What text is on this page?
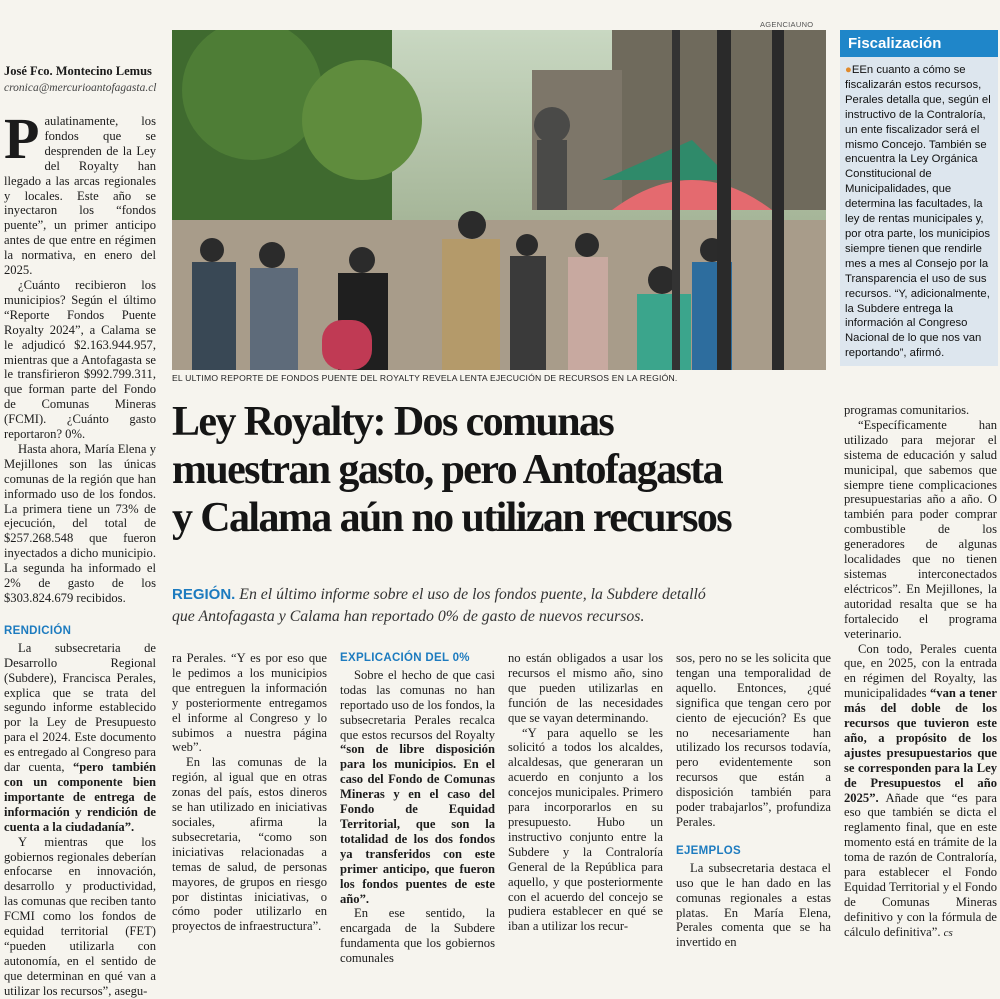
José Fco. Montecino Lemus
cronica@mercurioantofagasta.cl

Paulatinamente, los fondos que se desprenden de la Ley del Royalty han llegado a las arcas regionales y locales. Este año se inyectaron los “fondos puente”, un primer anticipo antes de que entre en régimen la normativa, en enero del 2025.

¿Cuánto recibieron los municipios? Según el último “Reporte Fondos Puente Royalty 2024”, a Calama se le adjudicó $2.163.944.957, mientras que a Antofagasta se le transfirieron $992.799.311, que forman parte del Fondo de Comunas Mineras (FCMI). ¿Cuánto gasto reportaron? 0%.

Hasta ahora, María Elena y Mejillones son las únicas comunas de la región que han informado uso de los fondos. La primera tiene un 73% de ejecución, del total de $257.268.548 que fueron inyectados a dicho municipio. La segunda ha informado el 2% de gasto de los $303.824.679 recibidos.

RENDICIÓN

La subsecretaria de Desarrollo Regional (Subdere), Francisca Perales, explica que se trata del segundo informe establecido por la Ley de Presupuesto para el 2024. Este documento es entregado al Congreso para dar cuenta, “pero también con un componente bien importante de entrega de información y rendición de cuenta a la ciudadanía”.

Y mientras que los gobiernos regionales deberían enfocarse en innovación, desarrollo y productividad, las comunas que reciben tanto FCMI como los fondos de equidad territorial (FET) “pueden utilizarla con autonomía, en el sentido de que determinan en qué van a utilizar los recursos”, asegu-

AGENCIAUNO
EL ULTIMO REPORTE DE FONDOS PUENTE DEL ROYALTY REVELA LENTA EJECUCIÓN DE RECURSOS EN LA REGIÓN.
Fiscalización
●EEn cuanto a cómo se fiscalizarán estos recursos, Perales detalla que, según el instructivo de la Contraloría, un ente fiscalizador será el mismo Concejo. También se encuentra la Ley Orgánica Constitucional de Municipalidades, que determina las facultades, la ley de rentas municipales y, por otra parte, los municipios siempre tienen que rendirle mes a mes al Consejo por la Transparencia el uso de sus recursos. “Y, adicionalmente, la Subdere entrega la información al Congreso Nacional de lo que nos van reportando”, afirmó.
Ley Royalty: Dos comunas
muestran gasto, pero Antofagasta
y Calama aún no utilizan recursos
REGIÓN. En el último informe sobre el uso de los fondos puente, la Subdere detalló
que Antofagasta y Calama han reportado 0% de gasto de nuevos recursos.

ra Perales. “Y es por eso que le pedimos a los municipios que entreguen la información y posteriormente entregamos el informe al Congreso y lo subimos a nuestra página web”.

En las comunas de la región, al igual que en otras zonas del país, estos dineros se han utilizado en iniciativas sociales, afirma la subsecretaria, “como son iniciativas relacionadas a temas de salud, de personas mayores, de grupos en riesgo por distintas iniciativas, o cómo poder utilizarlo en proyectos de infraestructura”.

EXPLICACIÓN DEL 0%

Sobre el hecho de que casi todas las comunas no han reportado uso de los fondos, la subsecretaria Perales recalca que estos recursos del Royalty “son de libre disposición para los municipios. En el caso del Fondo de Comunas Mineras y en el caso del Fondo de Equidad Territorial, que son la totalidad de los dos fondos ya transferidos con este primer anticipo, que fueron los fondos puentes de este año”.

En ese sentido, la encargada de la Subdere fundamenta que los gobiernos comunales

no están obligados a usar los recursos el mismo año, sino que pueden utilizarlas en función de las necesidades que se vayan determinando.

“Y para aquello se les solicitó a todos los alcaldes, alcaldesas, que generaran un acuerdo en conjunto a los concejos municipales. Primero para incorporarlos en su presupuesto. Hubo un instructivo conjunto entre la Subdere y la Contraloría General de la República para aquello, y que posteriormente con el acuerdo del concejo se pudiera establecer en qué se iban a utilizar los recur-

sos, pero no se les solicita que tengan una temporalidad de aquello. Entonces, ¿qué significa que tengan cero por ciento de ejecución? Es que no necesariamente han utilizado los recursos todavía, pero evidentemente son recursos que están a disposición también para poder trabajarlos”, profundiza Perales.

EJEMPLOS

La subsecretaria destaca el uso que le han dado en las comunas regionales a estas platas. En María Elena, Perales comenta que se ha invertido en

programas comunitarios.

“Específicamente han utilizado para mejorar el sistema de educación y salud municipal, que sabemos que siempre tiene complicaciones presupuestarias año a año. O también para poder comprar combustible de los generadores de algunas localidades que no tienen sistemas interconectados eléctricos”. En Mejillones, la autoridad resalta que se ha fortalecido el programa veterinario.

Con todo, Perales cuenta que, en 2025, con la entrada en régimen del Royalty, las municipalidades “van a tener más del doble de los recursos que tuvieron este año, a propósito de los ajustes presupuestarios que se corresponden para la Ley de Presupuestos el año 2025”. Añade que “es para eso que también se dicta el reglamento final, que en este momento está en trámite de la toma de razón de Contraloría, para establecer el Fondo Equidad Territorial y el Fondo de Comunas Mineras definitivo y con la fórmula de cálculo definitiva”. cs
